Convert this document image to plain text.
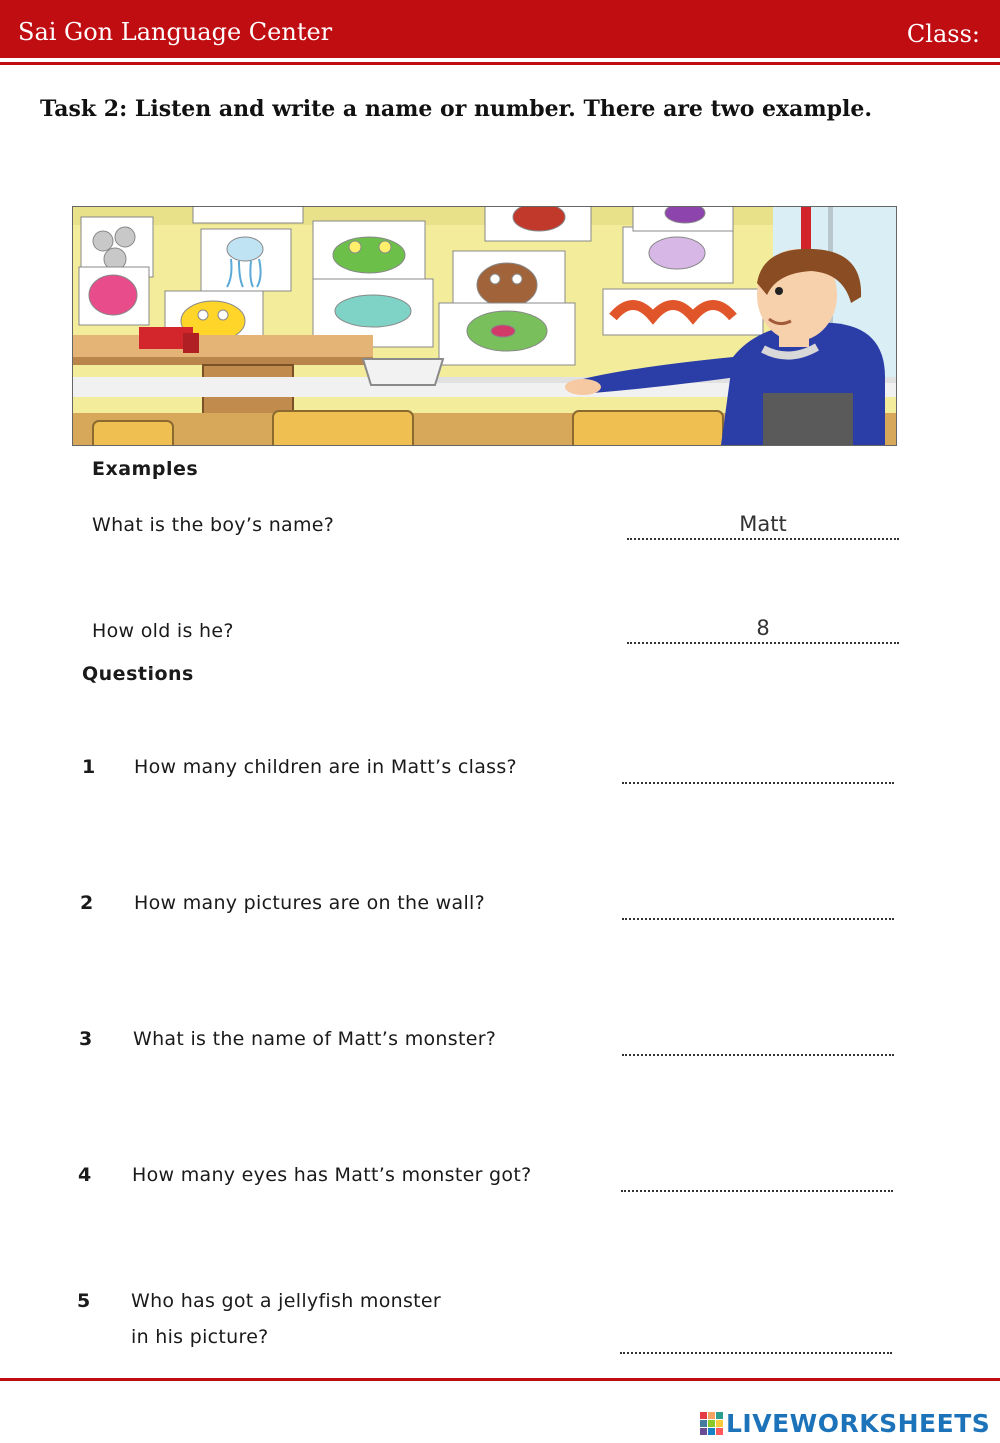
Sai Gon Language Center	Class:
Task 2: Listen and write a name or number. There are two example.
Examples
What is the boy’s name?	Matt
How old is he?	8
Questions
1 How many children are in Matt’s class?
2 How many pictures are on the wall?
3 What is the name of Matt’s monster?
4 How many eyes has Matt’s monster got?
5 Who has got a jellyfish monster
in his picture?
LIVEWORKSHEETS
